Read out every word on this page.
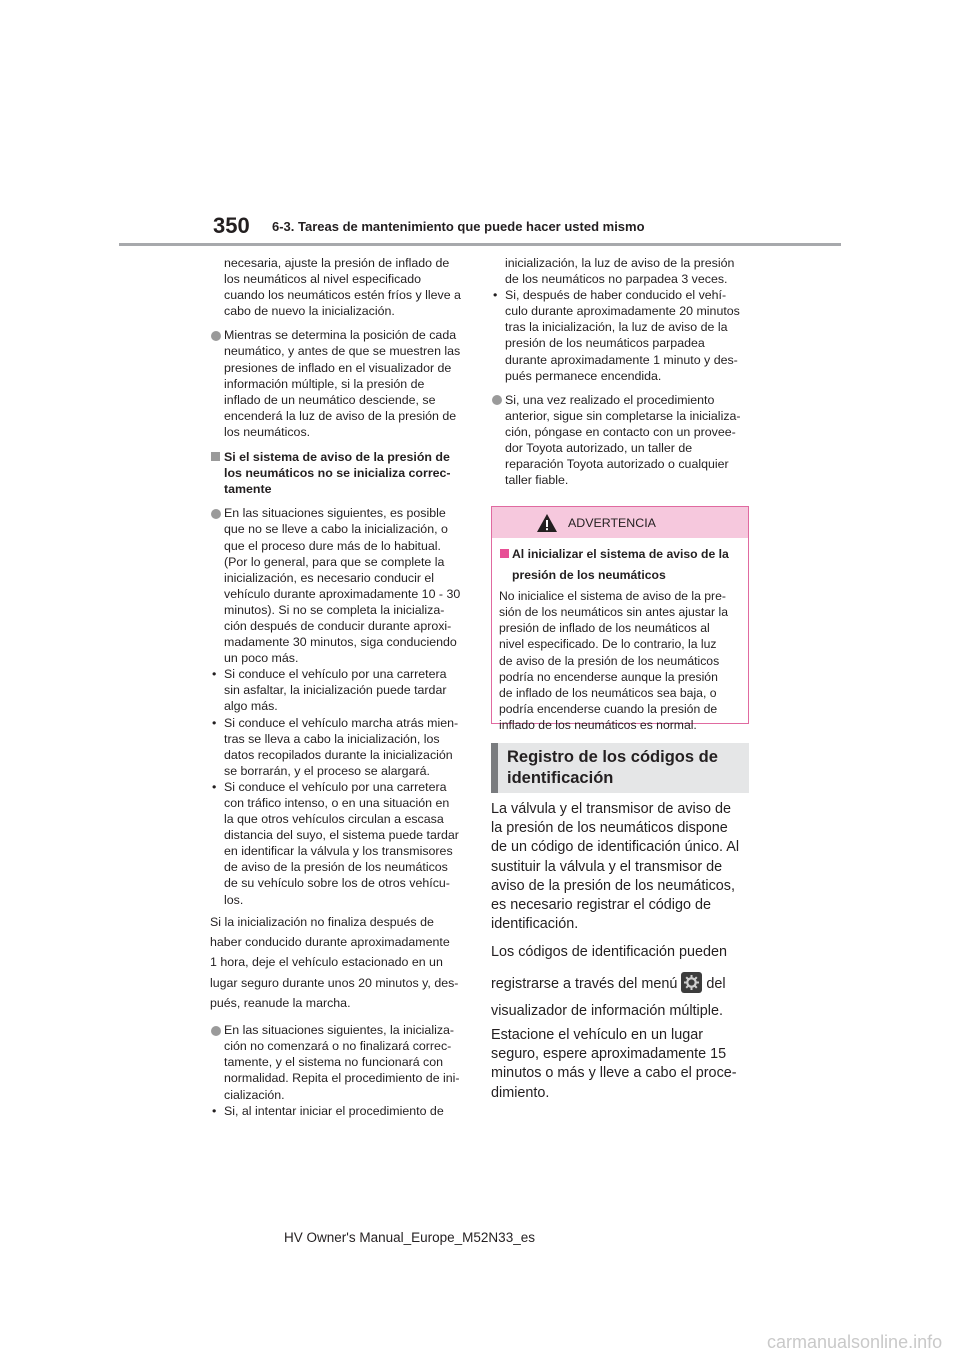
350 6-3. Tareas de mantenimiento que puede hacer usted mismo

necesaria, ajuste la presión de inflado de

los neumáticos al nivel especificado

cuando los neumáticos estén fríos y lleve a

cabo de nuevo la inicialización.

Mientras se determina la posición de cada

neumático, y antes de que se muestren las

presiones de inflado en el visualizador de

información múltiple, si la presión de

inflado de un neumático desciende, se

encenderá la luz de aviso de la presión de

los neumáticos.

Si el sistema de aviso de la presión de

los neumáticos no se inicializa correc-

tamente

En las situaciones siguientes, es posible

que no se lleve a cabo la inicialización, o

que el proceso dure más de lo habitual.

(Por lo general, para que se complete la

inicialización, es necesario conducir el

vehículo durante aproximadamente 10 - 30

minutos). Si no se completa la inicializa-

ción después de conducir durante aproxi-

madamente 30 minutos, siga conduciendo

un poco más.

• Si conduce el vehículo por una carretera

sin asfaltar, la inicialización puede tardar

algo más.

• Si conduce el vehículo marcha atrás mien-

tras se lleva a cabo la inicialización, los

datos recopilados durante la inicialización

se borrarán, y el proceso se alargará.

• Si conduce el vehículo por una carretera

con tráfico intenso, o en una situación en

la que otros vehículos circulan a escasa

distancia del suyo, el sistema puede tardar

en identificar la válvula y los transmisores

de aviso de la presión de los neumáticos

de su vehículo sobre los de otros vehícu-

los.

Si la inicialización no finaliza después de

haber conducido durante aproximadamente

1 hora, deje el vehículo estacionado en un

lugar seguro durante unos 20 minutos y, des-

pués, reanude la marcha.

En las situaciones siguientes, la inicializa-

ción no comenzará o no finalizará correc-

tamente, y el sistema no funcionará con

normalidad. Repita el procedimiento de ini-

cialización.

• Si, al intentar iniciar el procedimiento de

inicialización, la luz de aviso de la presión

de los neumáticos no parpadea 3 veces.

• Si, después de haber conducido el vehí-

culo durante aproximadamente 20 minutos

tras la inicialización, la luz de aviso de la

presión de los neumáticos parpadea

durante aproximadamente 1 minuto y des-

pués permanece encendida.

Si, una vez realizado el procedimiento

anterior, sigue sin completarse la inicializa-

ción, póngase en contacto con un provee-

dor Toyota autorizado, un taller de

reparación Toyota autorizado o cualquier

taller fiable.

ADVERTENCIA

Al inicializar el sistema de aviso de la

presión de los neumáticos

No inicialice el sistema de aviso de la pre-

sión de los neumáticos sin antes ajustar la

presión de inflado de los neumáticos al

nivel especificado. De lo contrario, la luz

de aviso de la presión de los neumáticos

podría no encenderse aunque la presión

de inflado de los neumáticos sea baja, o

podría encenderse cuando la presión de

inflado de los neumáticos es normal.

Registro de los códigos de
identificación

La válvula y el transmisor de aviso de

la presión de los neumáticos dispone

de un código de identificación único. Al

sustituir la válvula y el transmisor de

aviso de la presión de los neumáticos,

es necesario registrar el código de

identificación.

Los códigos de identificación pueden

registrarse a través del menú del

visualizador de información múltiple.

Estacione el vehículo en un lugar

seguro, espere aproximadamente 15

minutos o más y lleve a cabo el proce-

dimiento.

HV Owner's Manual_Europe_M52N33_es
carmanualsonline.info
